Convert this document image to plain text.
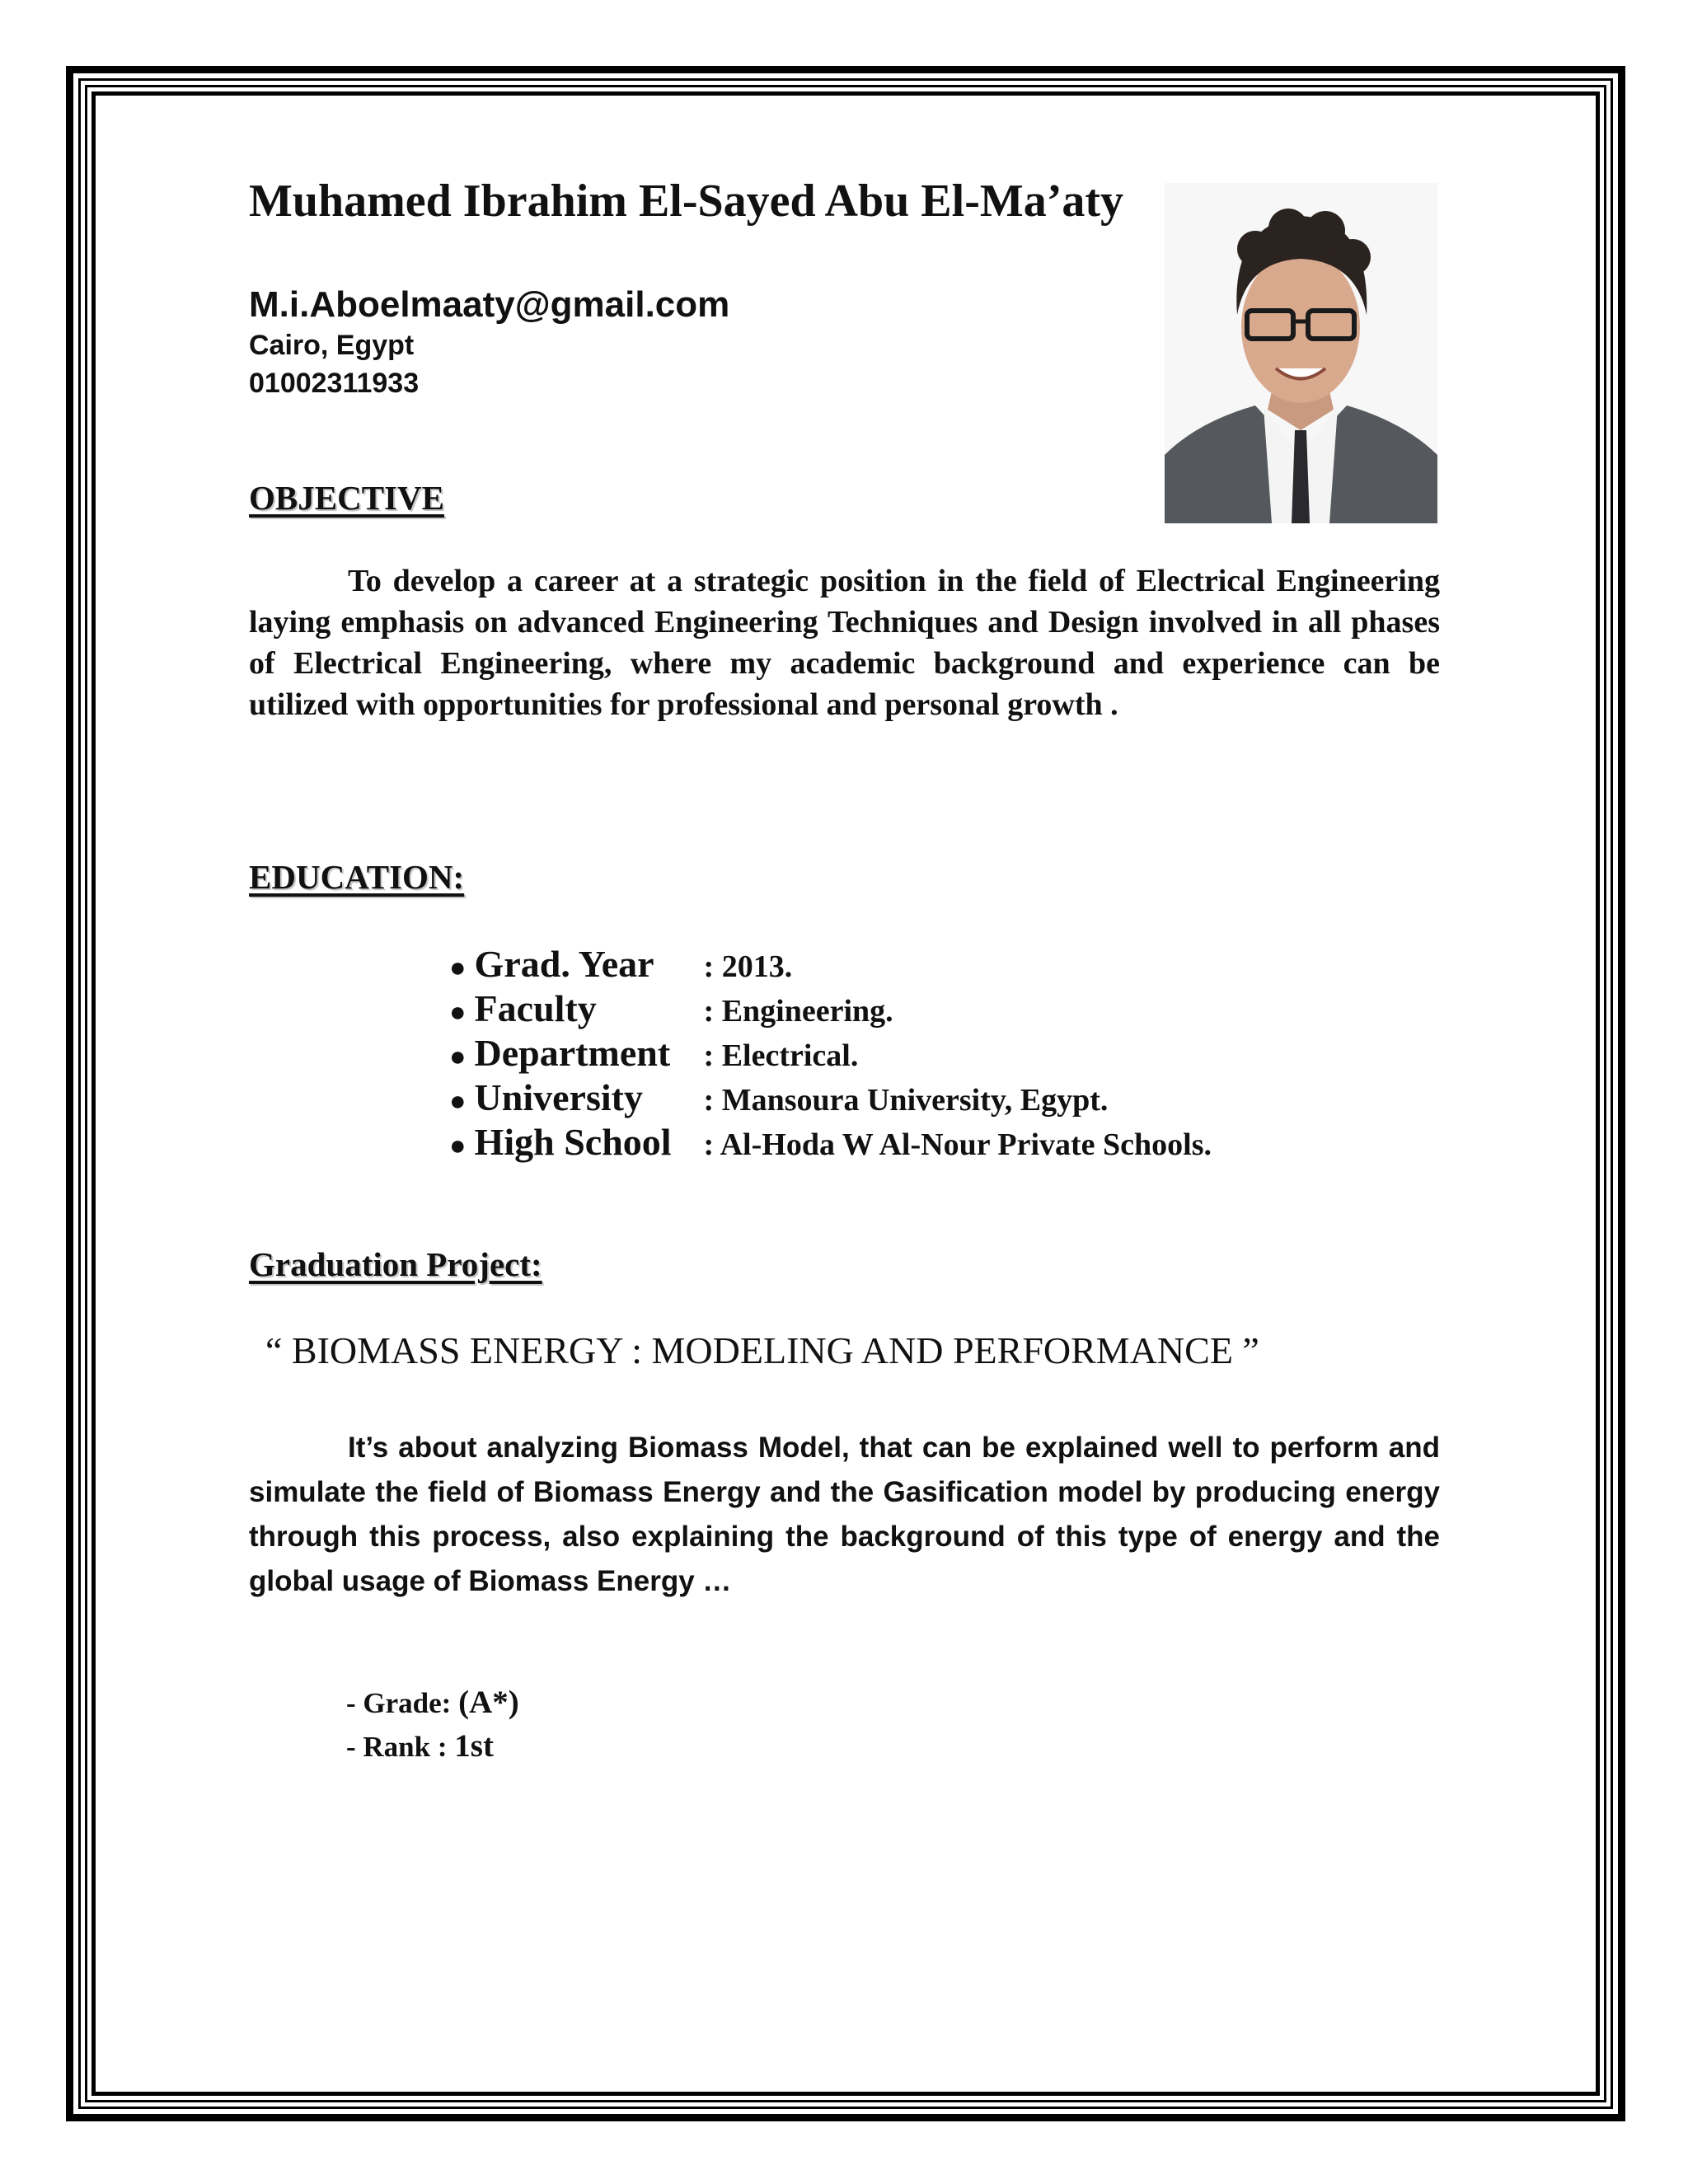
Muhamed Ibrahim El-Sayed Abu El-Ma’aty
M.i.Aboelmaaty@gmail.com
Cairo, Egypt
01002311933
OBJECTIVE
To develop a career at a strategic position in the field of Electrical Engineering laying emphasis on advanced Engineering Techniques and Design involved in all phases of Electrical Engineering, where my academic background and experience can be utilized with opportunities for professional and personal growth .
EDUCATION:
● Grad. Year : 2013.
● Faculty	: Engineering.
● Department : Electrical.
● University : Mansoura University, Egypt.
● High School : Al-Hoda W Al-Nour Private Schools.
Graduation Project:
“ BIOMASS ENERGY : MODELING AND PERFORMANCE ”
It’s about analyzing Biomass Model, that can be explained well to perform and simulate the field of Biomass Energy and the Gasification model by producing energy through this process, also explaining the background of this type of energy and the global usage of Biomass Energy …
- Grade: (A*)
- Rank : 1st
